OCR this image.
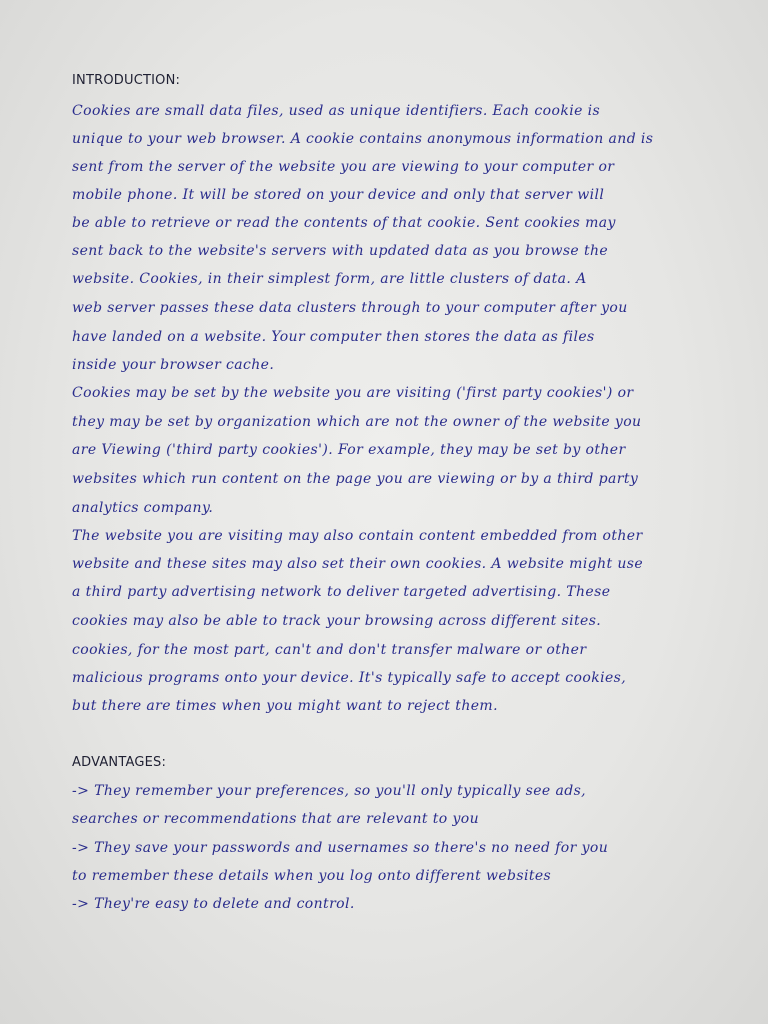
INTRODUCTION:

Cookies are small data files, used as unique identifiers. Each cookie is

unique to your web browser. A cookie contains anonymous information and is

sent from the server of the website you are viewing to your computer or

mobile phone. It will be stored on your device and only that server will

be able to retrieve or read the contents of that cookie. Sent cookies may

sent back to the website's servers with updated data as you browse the

website. Cookies, in their simplest form, are little clusters of data. A

web server passes these data clusters through to your computer after you

have landed on a website. Your computer then stores the data as files

inside your browser cache.

Cookies may be set by the website you are visiting ('first party cookies') or

they may be set by organization which are not the owner of the website you

are Viewing ('third party cookies'). For example, they may be set by other

websites which run content on the page you are viewing or by a third party

analytics company.

The website you are visiting may also contain content embedded from other

website and these sites may also set their own cookies. A website might use

a third party advertising network to deliver targeted advertising. These

cookies may also be able to track your browsing across different sites.

cookies, for the most part, can't and don't transfer malware or other

malicious programs onto your device. It's typically safe to accept cookies,

but there are times when you might want to reject them.

ADVANTAGES:

-> They remember your preferences, so you'll only typically see ads,

searches or recommendations that are relevant to you

-> They save your passwords and usernames so there's no need for you

to remember these details when you log onto different websites

-> They're easy to delete and control.
